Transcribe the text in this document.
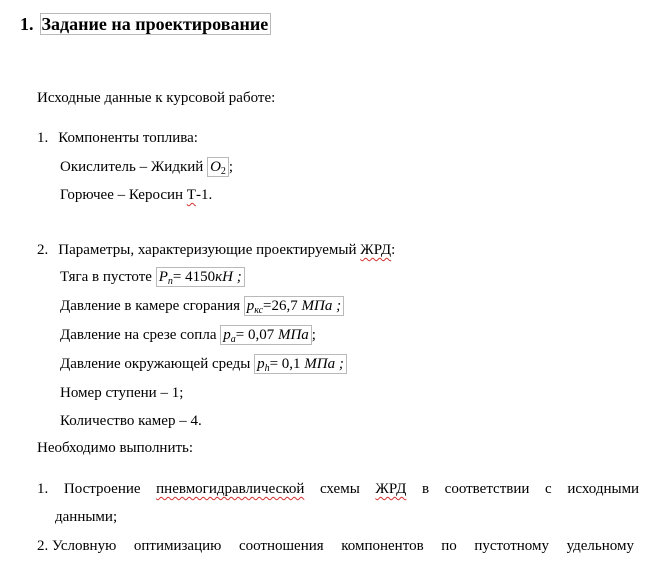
1. Задание на проектирование
Исходные данные к курсовой работе:
1. Компоненты топлива:
Окислитель – Жидкий $O_2$ ;
Горючее – Керосин Т-1.
2. Параметры, характеризующие проектируемый ЖРД:
Тяга в пустоте $P_п= 4150кН$ ;
Давление в камере сгорания $p_{кс}=26,7$ МПа ;
Давление на срезе сопла $p_a= 0,07$ МПа ;
Давление окружающей среды $p_h= 0,1$ МПа ;
Номер ступени – 1;
Количество камер – 4.
Необходимо выполнить:
1. Построение пневмогидравлической схемы ЖРД в соответствии с исходными
данными;
2. Условную оптимизацию соотношения компонентов по пустотному удельному
